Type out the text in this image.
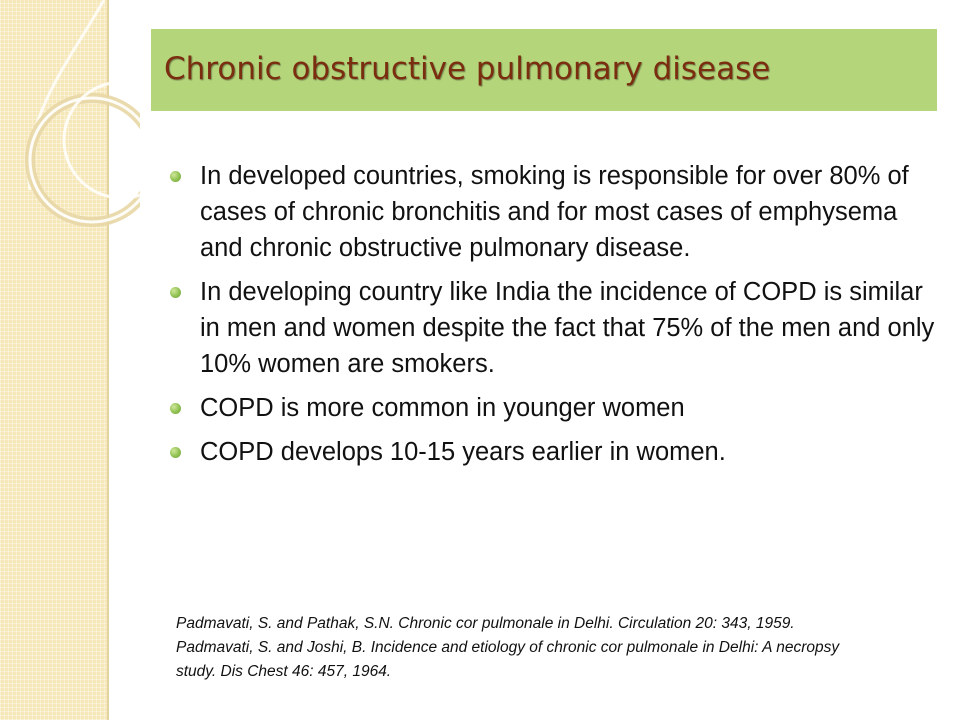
Chronic obstructive pulmonary disease
In developed countries, smoking is responsible for over 80% of cases of chronic bronchitis and for most cases of emphysema and chronic obstructive pulmonary disease.
In developing country like India the incidence of COPD is similar in men and women despite the fact that 75% of the men and only 10% women are smokers.
COPD is more common in younger women
COPD develops 10-15 years earlier in women.
Padmavati, S. and Pathak, S.N. Chronic cor pulmonale in Delhi. Circulation 20: 343, 1959.
Padmavati, S. and Joshi, B. Incidence and etiology of chronic cor pulmonale in Delhi: A necropsy
study. Dis Chest 46: 457, 1964.
